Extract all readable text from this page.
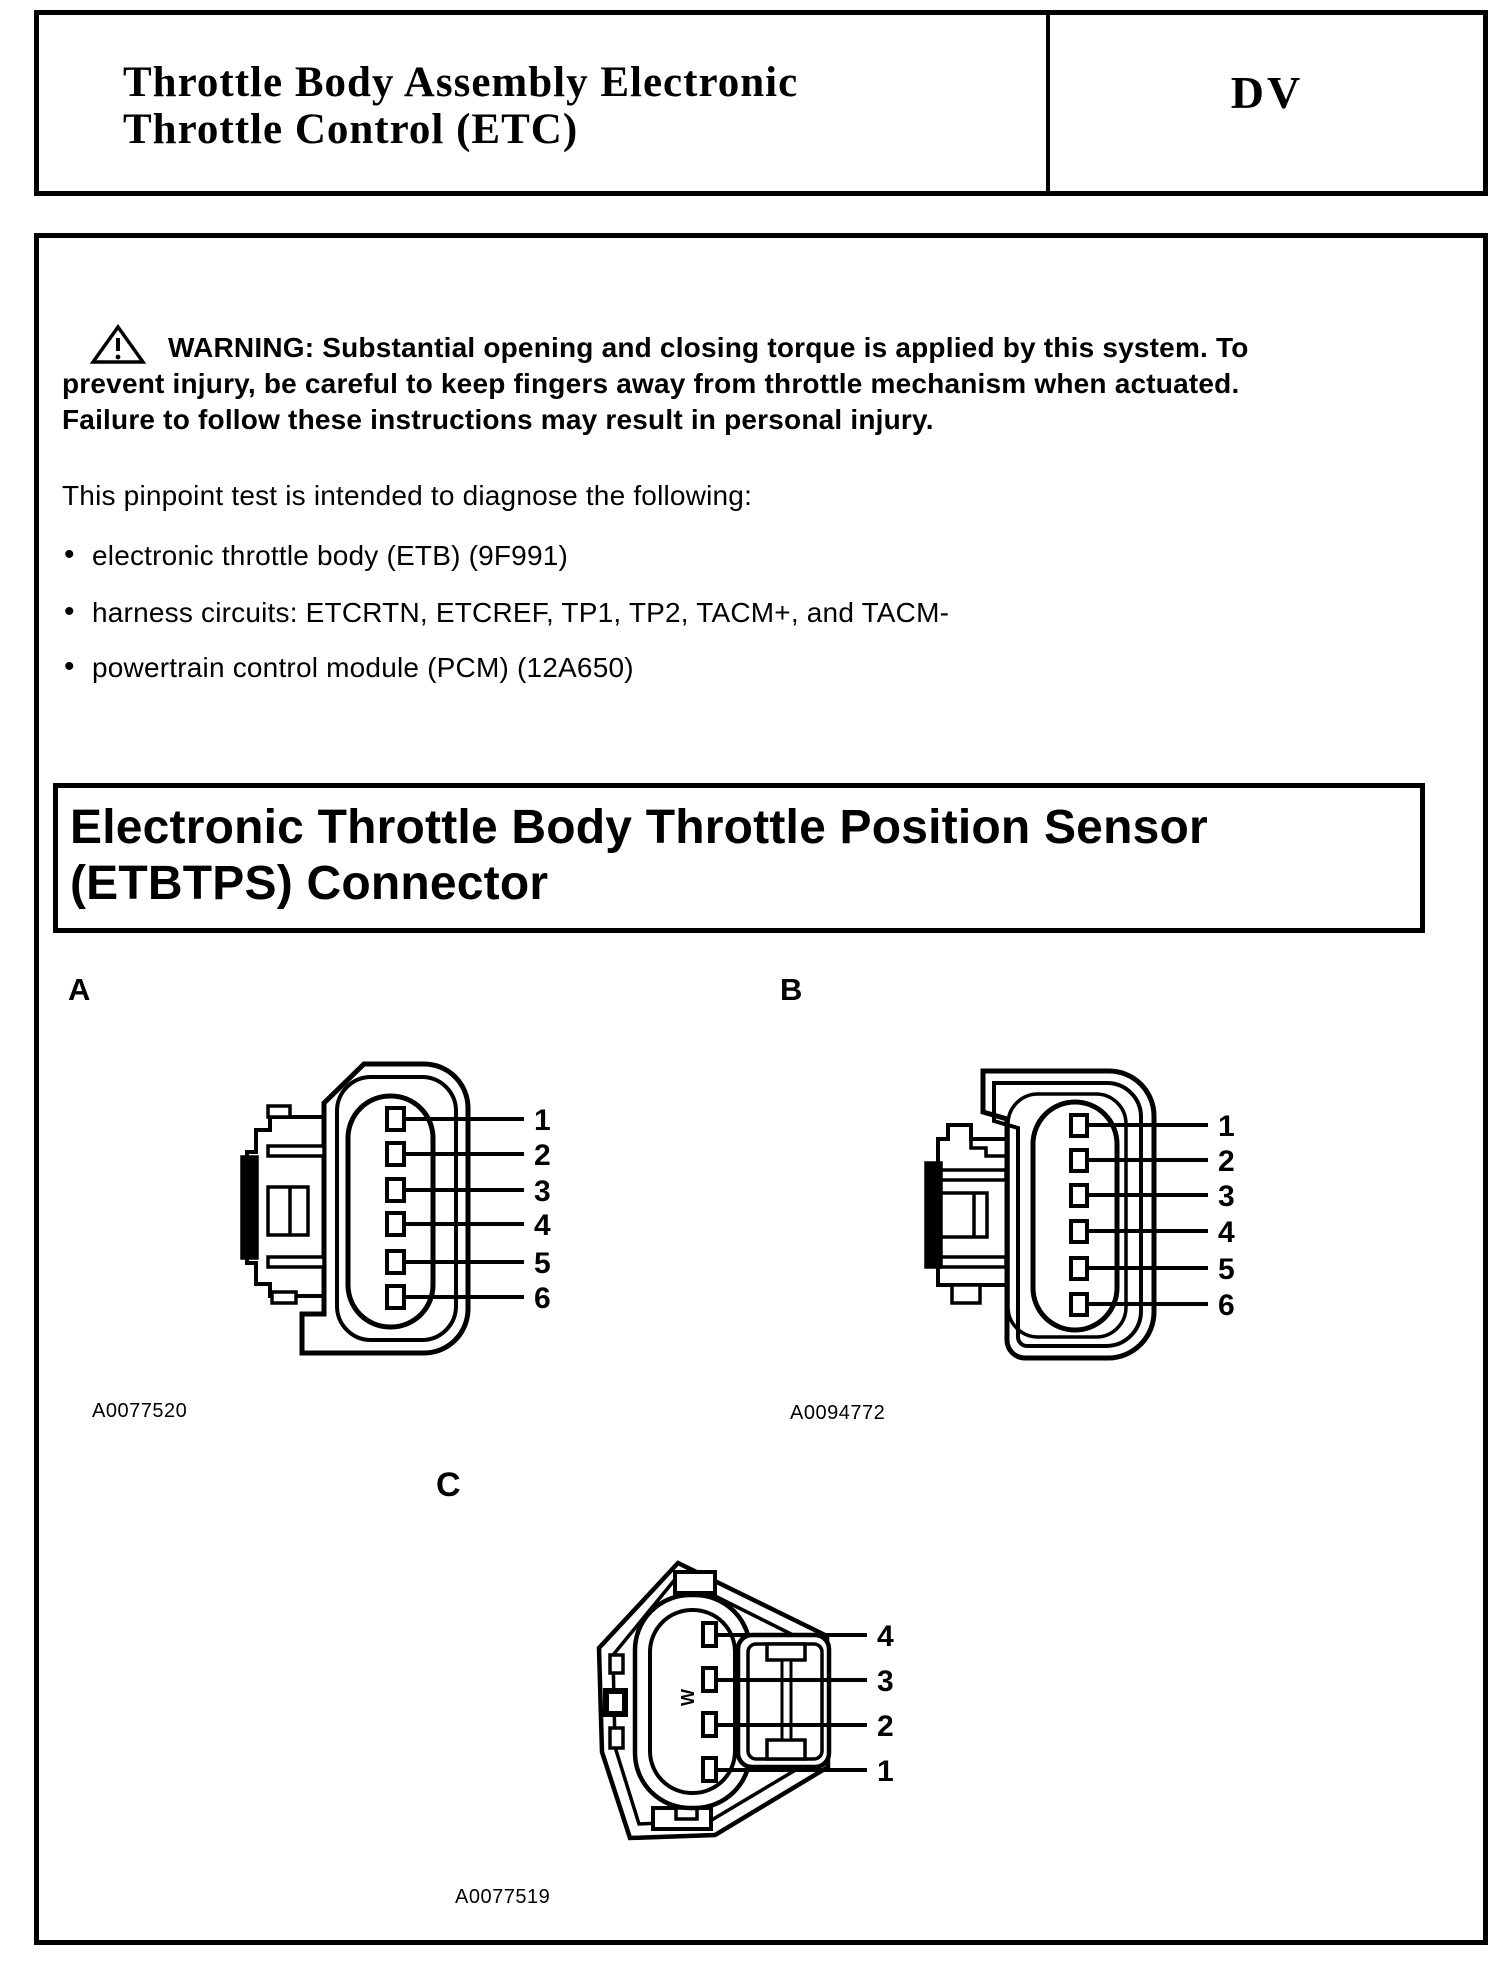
Throttle Body Assembly Electronic
Throttle Control (ETC)
DV
WARNING: Substantial opening and closing torque is applied by this system. To
prevent injury, be careful to keep fingers away from throttle mechanism when actuated.
Failure to follow these instructions may result in personal injury.
This pinpoint test is intended to diagnose the following:
• electronic throttle body (ETB) (9F991)
• harness circuits: ETCRTN, ETCREF, TP1, TP2, TACM+, and TACM-
• powertrain control module (PCM) (12A650)
Electronic Throttle Body Throttle Position Sensor
(ETBTPS) Connector
A	B
C
1
2
3
4
5
6
1
2
3
4
5
6
4
3
2
1
W
A0077520	A0094772
A0077519
